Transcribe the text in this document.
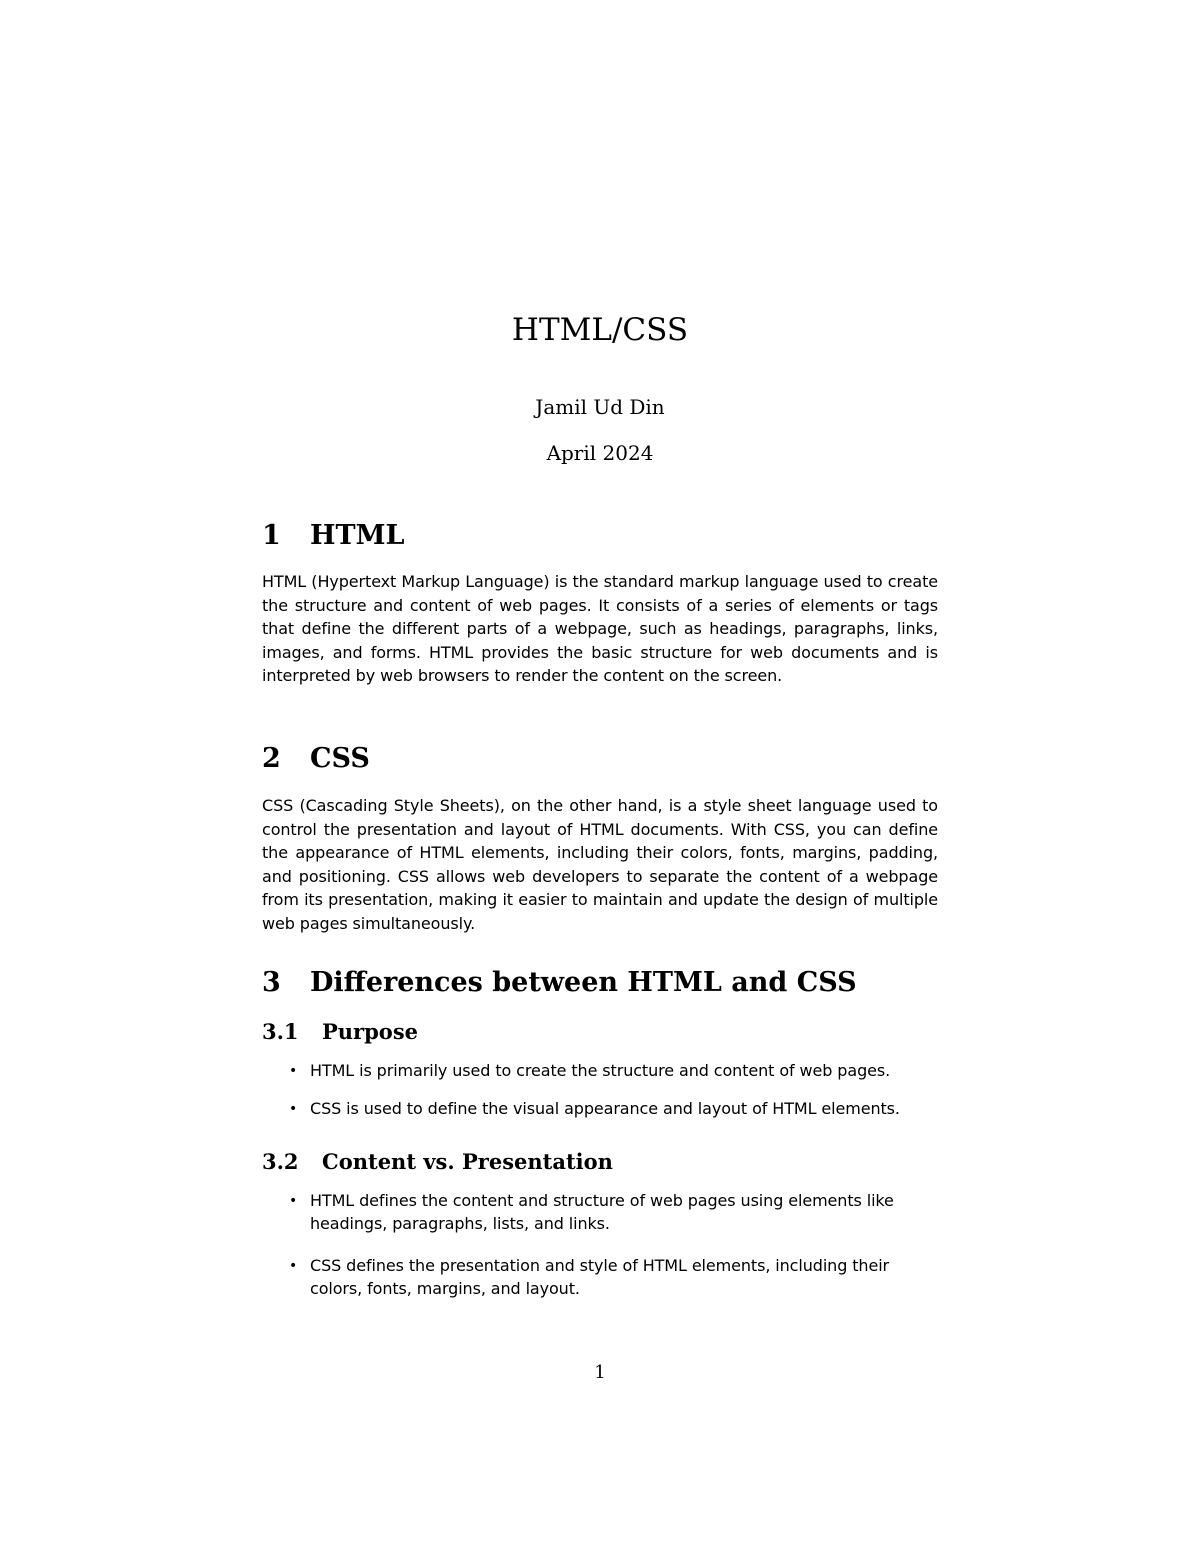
HTML/CSS
Jamil Ud Din
April 2024
1	HTML

HTML (Hypertext Markup Language) is the standard markup language used to create the structure and content of web pages. It consists of a series of elements or tags that define the different parts of a webpage, such as headings, paragraphs, links, images, and forms. HTML provides the basic structure for web documents and is interpreted by web browsers to render the content on the screen.

2	CSS

CSS (Cascading Style Sheets), on the other hand, is a style sheet language used to control the presentation and layout of HTML documents. With CSS, you can define the appearance of HTML elements, including their colors, fonts, margins, padding, and positioning. CSS allows web developers to separate the content of a webpage from its presentation, making it easier to maintain and update the design of multiple web pages simultaneously.

3	Differences between HTML and CSS
3.1	Purpose
• HTML is primarily used to create the structure and content of web pages.
• CSS is used to define the visual appearance and layout of HTML elements.
3.2	Content vs. Presentation
• HTML defines the content and structure of web pages using elements like headings, paragraphs, lists, and links.
• CSS defines the presentation and style of HTML elements, including their colors, fonts, margins, and layout.
1
